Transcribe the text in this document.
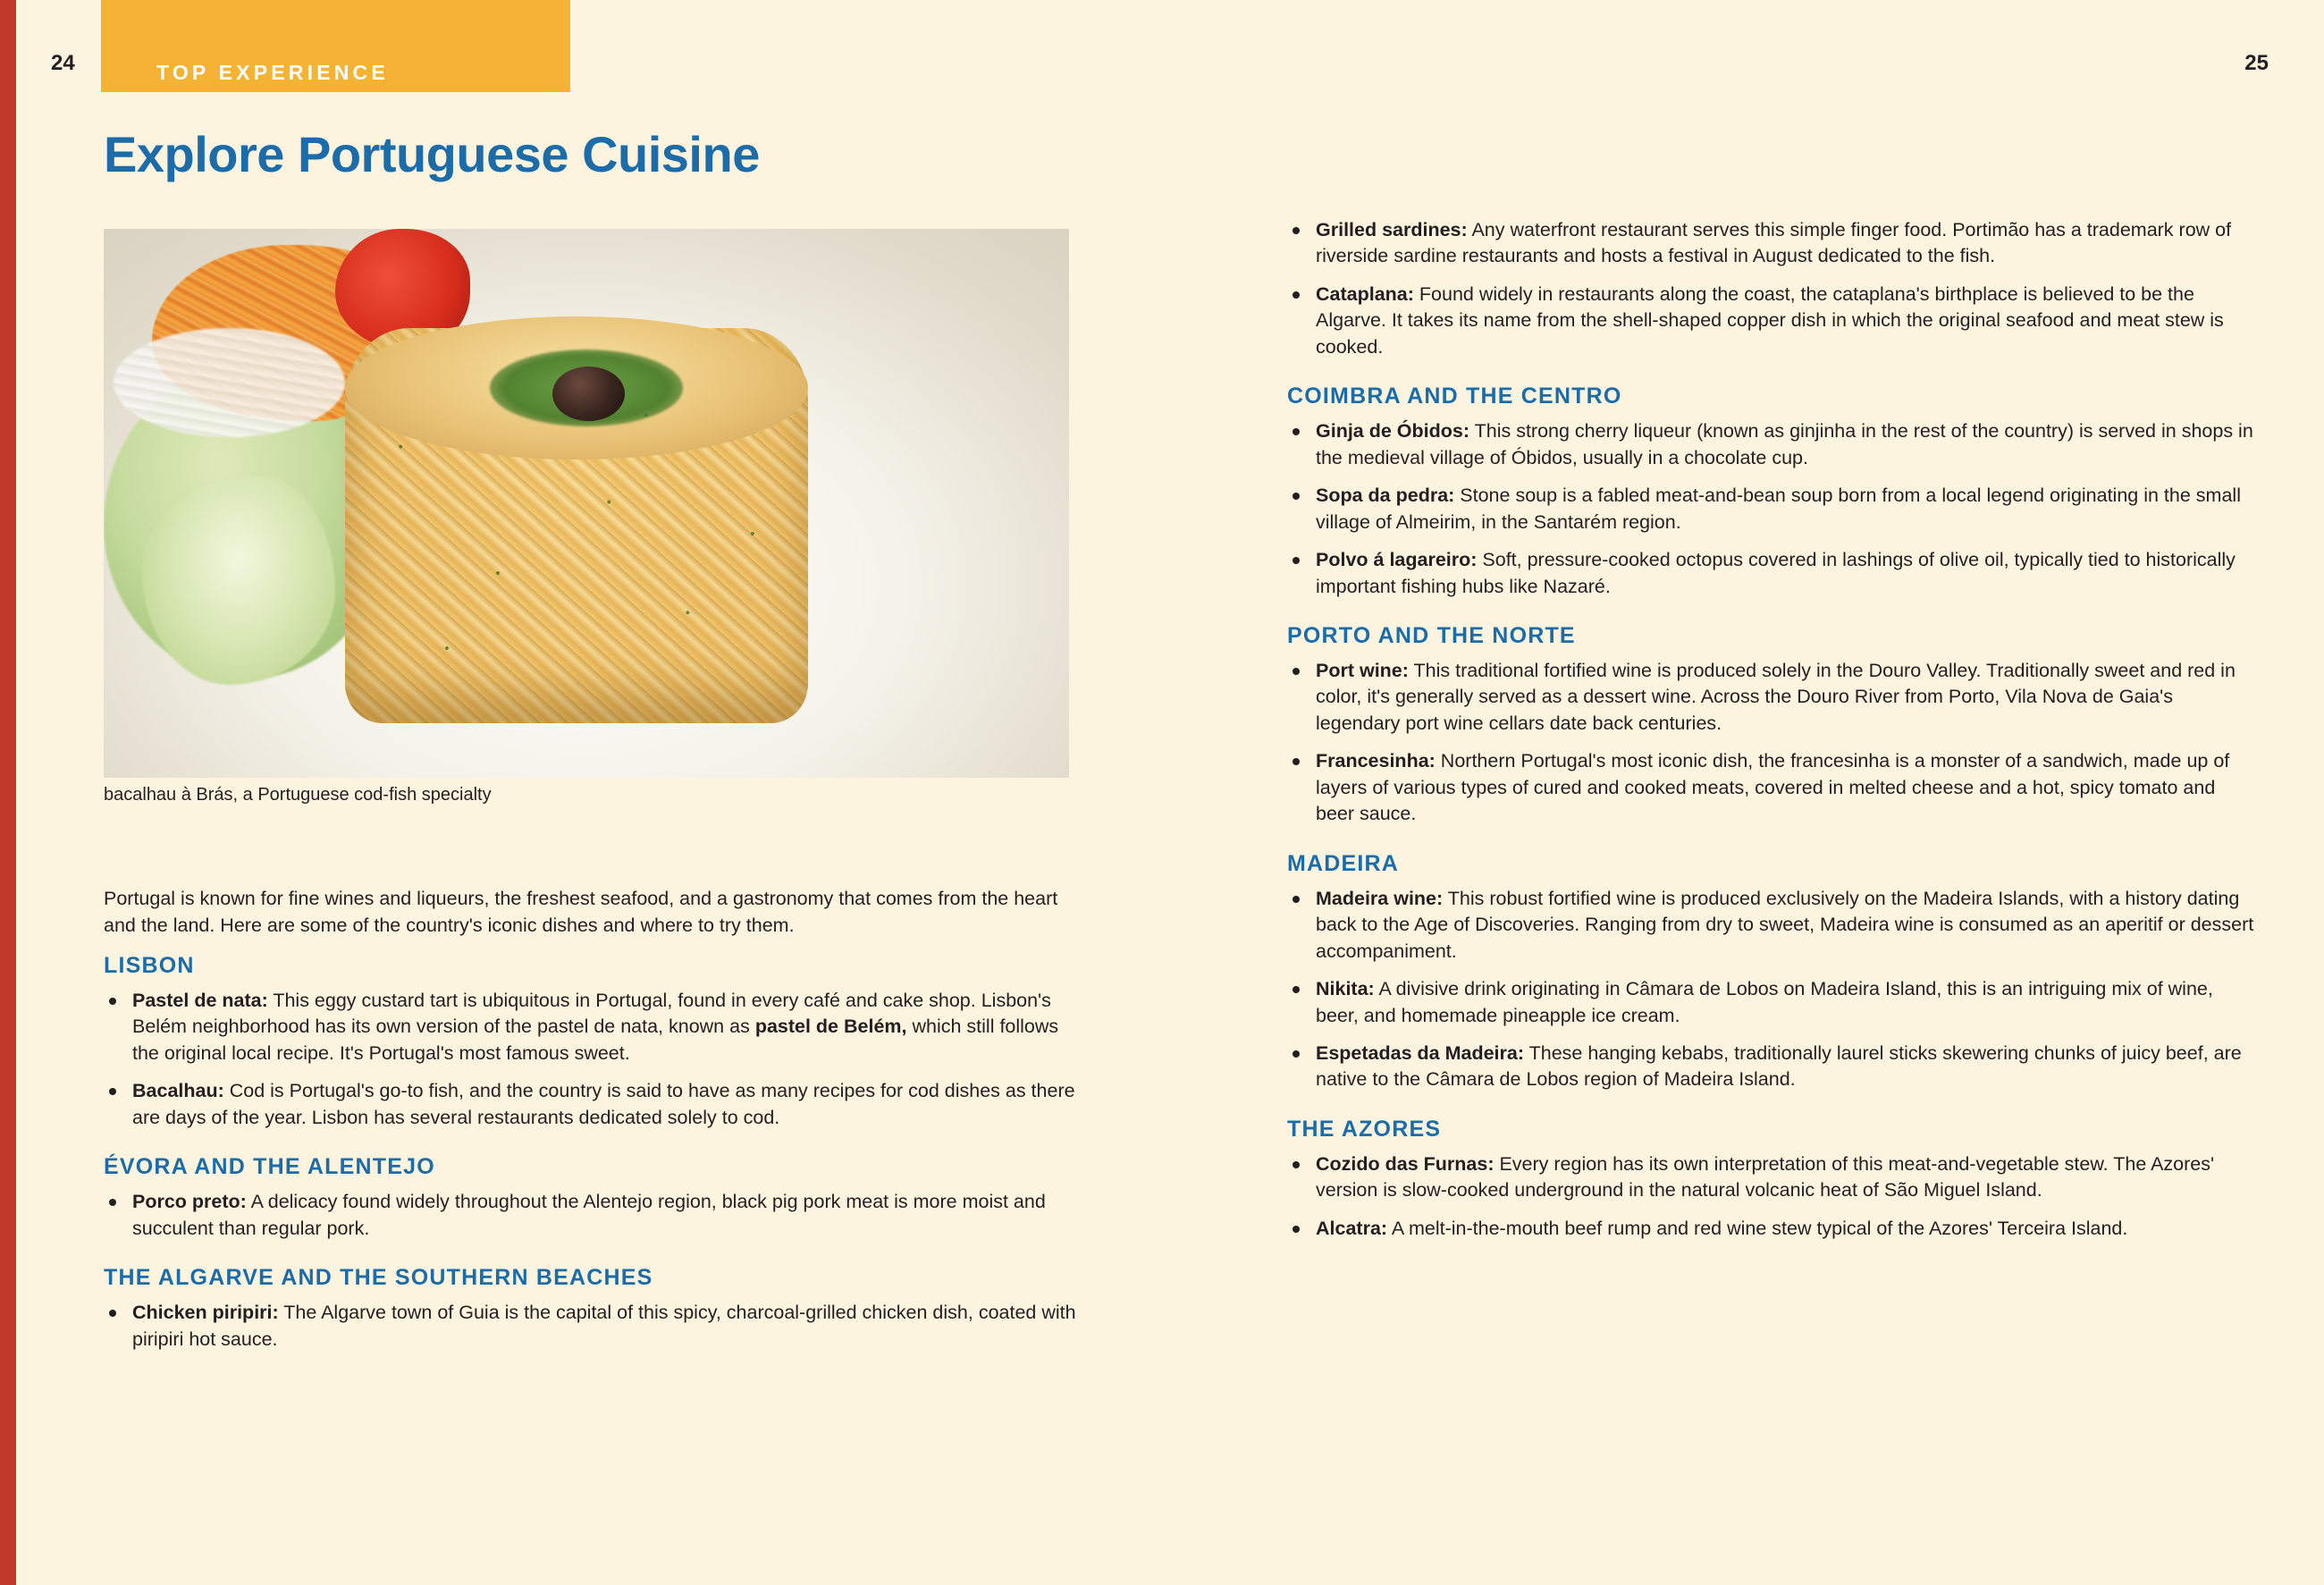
TOP EXPERIENCE
24	25
Explore Portuguese Cuisine
bacalhau à Brás, a Portuguese cod-fish specialty

Portugal is known for fine wines and liqueurs, the freshest seafood, and a gastronomy that comes from the heart and the land. Here are some of the country's iconic dishes and where to try them.

LISBON
Pastel de nata: This eggy custard tart is ubiquitous in Portugal, found in every café and cake shop. Lisbon's Belém neighborhood has its own version of the pastel de nata, known as pastel de Belém, which still follows the original local recipe. It's Portugal's most famous sweet.
Bacalhau: Cod is Portugal's go-to fish, and the country is said to have as many recipes for cod dishes as there are days of the year. Lisbon has several restaurants dedicated solely to cod.
ÉVORA AND THE ALENTEJO
Porco preto: A delicacy found widely throughout the Alentejo region, black pig pork meat is more moist and succulent than regular pork.
THE ALGARVE AND THE SOUTHERN BEACHES
Chicken piripiri: The Algarve town of Guia is the capital of this spicy, charcoal-grilled chicken dish, coated with piripiri hot sauce.
Grilled sardines: Any waterfront restaurant serves this simple finger food. Portimão has a trademark row of riverside sardine restaurants and hosts a festival in August dedicated to the fish.
Cataplana: Found widely in restaurants along the coast, the cataplana's birthplace is believed to be the Algarve. It takes its name from the shell-shaped copper dish in which the original seafood and meat stew is cooked.
COIMBRA AND THE CENTRO
Ginja de Óbidos: This strong cherry liqueur (known as ginjinha in the rest of the country) is served in shops in the medieval village of Óbidos, usually in a chocolate cup.
Sopa da pedra: Stone soup is a fabled meat-and-bean soup born from a local legend originating in the small village of Almeirim, in the Santarém region.
Polvo á lagareiro: Soft, pressure-cooked octopus covered in lashings of olive oil, typically tied to historically important fishing hubs like Nazaré.
PORTO AND THE NORTE
Port wine: This traditional fortified wine is produced solely in the Douro Valley. Traditionally sweet and red in color, it's generally served as a dessert wine. Across the Douro River from Porto, Vila Nova de Gaia's legendary port wine cellars date back centuries.
Francesinha: Northern Portugal's most iconic dish, the francesinha is a monster of a sandwich, made up of layers of various types of cured and cooked meats, covered in melted cheese and a hot, spicy tomato and beer sauce.
MADEIRA
Madeira wine: This robust fortified wine is produced exclusively on the Madeira Islands, with a history dating back to the Age of Discoveries. Ranging from dry to sweet, Madeira wine is consumed as an aperitif or dessert accompaniment.
Nikita: A divisive drink originating in Câmara de Lobos on Madeira Island, this is an intriguing mix of wine, beer, and homemade pineapple ice cream.
Espetadas da Madeira: These hanging kebabs, traditionally laurel sticks skewering chunks of juicy beef, are native to the Câmara de Lobos region of Madeira Island.
THE AZORES
Cozido das Furnas: Every region has its own interpretation of this meat-and-vegetable stew. The Azores' version is slow-cooked underground in the natural volcanic heat of São Miguel Island.
Alcatra: A melt-in-the-mouth beef rump and red wine stew typical of the Azores' Terceira Island.
